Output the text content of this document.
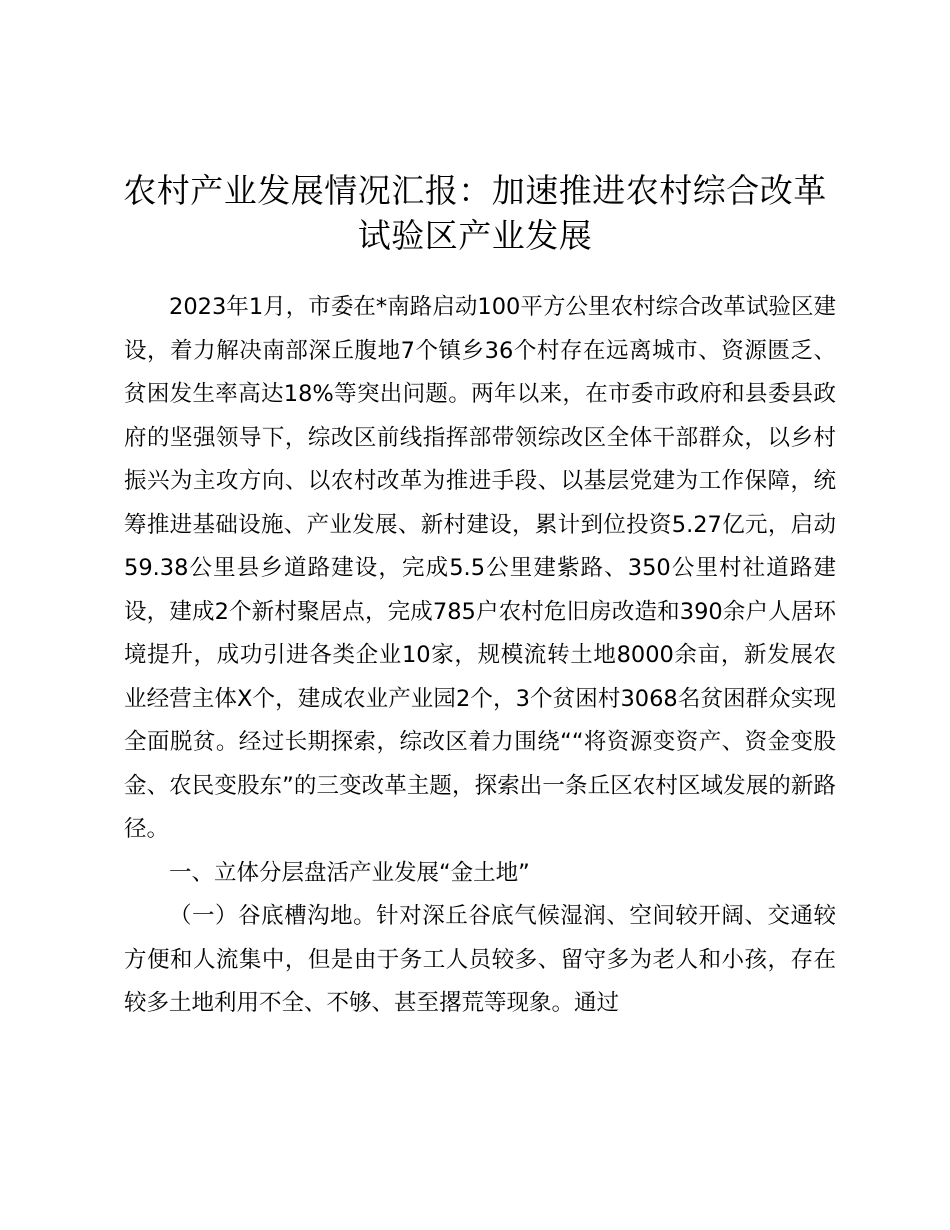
农村产业发展情况汇报：加速推进农村综合改革试验区产业发展

2023年1月，市委在*南路启动100平方公里农村综合改革试验区建设，着力解决南部深丘腹地7个镇乡36个村存在远离城市、资源匮乏、贫困发生率高达18%等突出问题。两年以来，在市委市政府和县委县政府的坚强领导下，综改区前线指挥部带领综改区全体干部群众，以乡村振兴为主攻方向、以农村改革为推进手段、以基层党建为工作保障，统筹推进基础设施、产业发展、新村建设，累计到位投资5.27亿元，启动59.38公里县乡道路建设，完成5.5公里建紫路、350公里村社道路建设，建成2个新村聚居点，完成785户农村危旧房改造和390余户人居环境提升，成功引进各类企业10家，规模流转土地8000余亩，新发展农业经营主体X个，建成农业产业园2个，3个贫困村3068名贫困群众实现全面脱贫。经过长期探索，综改区着力围绕““将资源变资产、资金变股金、农民变股东”的三变改革主题，探索出一条丘区农村区域发展的新路径。

一、立体分层盘活产业发展“金土地”

（一）谷底槽沟地。针对深丘谷底气候湿润、空间较开阔、交通较方便和人流集中，但是由于务工人员较多、留守多为老人和小孩，存在较多土地利用不全、不够、甚至撂荒等现象。通过
